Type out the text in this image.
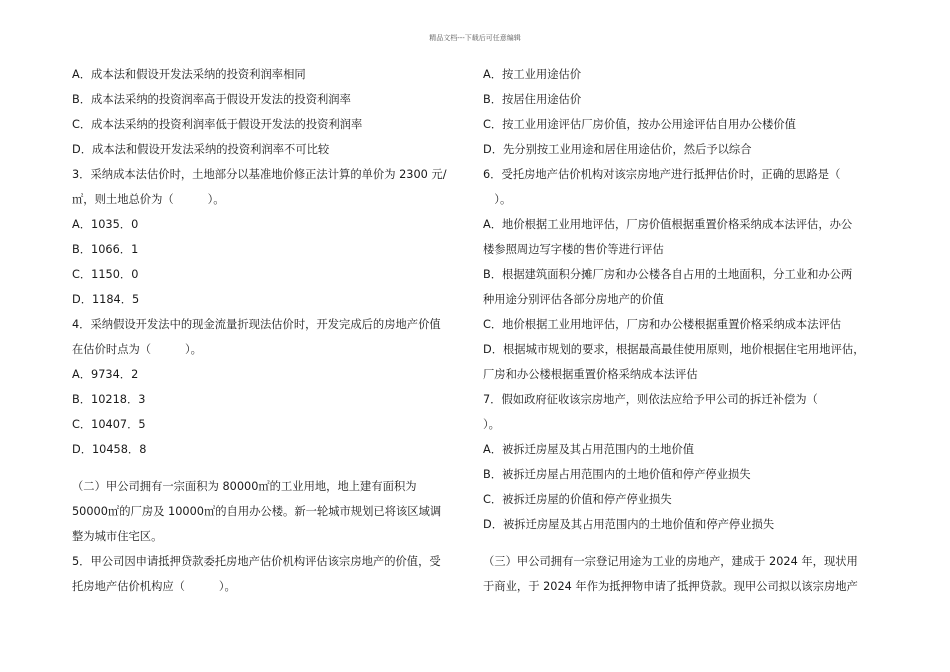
精品文档---下载后可任意编辑
A．成本法和假设开发法采纳的投资利润率相同
B．成本法采纳的投资润率高于假设开发法的投资利润率
C．成本法采纳的投资利润率低于假设开发法的投资利润率
D．成本法和假设开发法采纳的投资利润率不可比较
3．采纳成本法估价时，土地部分以基准地价修正法计算的单价为 2300 元/
㎡，则土地总价为（　　　）。
A．1035．0
B．1066．1
C．1150．0
D．1184．5
4．采纳假设开发法中的现金流量折现法估价时，开发完成后的房地产价值
在估价时点为（　　　）。
A．9734．2
B．10218．3
C．10407．5
D．10458．8
（二）甲公司拥有一宗面积为 80000㎡的工业用地，地上建有面积为
50000㎡的厂房及 10000㎡的自用办公楼。新一轮城市规划已将该区域调
整为城市住宅区。
5．甲公司因申请抵押贷款委托房地产估价机构评估该宗房地产的价值，受
托房地产估价机构应（　　　）。
A．按工业用途估价
B．按居住用途估价
C．按工业用途评估厂房价值，按办公用途评估自用办公楼价值
D．先分别按工业用途和居住用途估价，然后予以综合
6．受托房地产估价机构对该宗房地产进行抵押估价时，正确的思路是（
　）。
A．地价根据工业用地评估，厂房价值根据重置价格采纳成本法评估，办公
楼参照周边写字楼的售价等进行评估
B．根据建筑面积分摊厂房和办公楼各自占用的土地面积，分工业和办公两
种用途分别评估各部分房地产的价值
C．地价根据工业用地评估，厂房和办公楼根据重置价格采纳成本法评估
D．根据城市规划的要求，根据最高最佳使用原则，地价根据住宅用地评估，
厂房和办公楼根据重置价格采纳成本法评估
7．假如政府征收该宗房地产，则依法应给予甲公司的拆迁补偿为（
）。
A．被拆迁房屋及其占用范围内的土地价值
B．被拆迁房屋占用范围内的土地价值和停产停业损失
C．被拆迁房屋的价值和停产停业损失
D．被拆迁房屋及其占用范围内的土地价值和停产停业损失
（三）甲公司拥有一宗登记用途为工业的房地产，建成于 2024 年，现状用
于商业，于 2024 年作为抵押物申请了抵押贷款。现甲公司拟以该宗房地产
